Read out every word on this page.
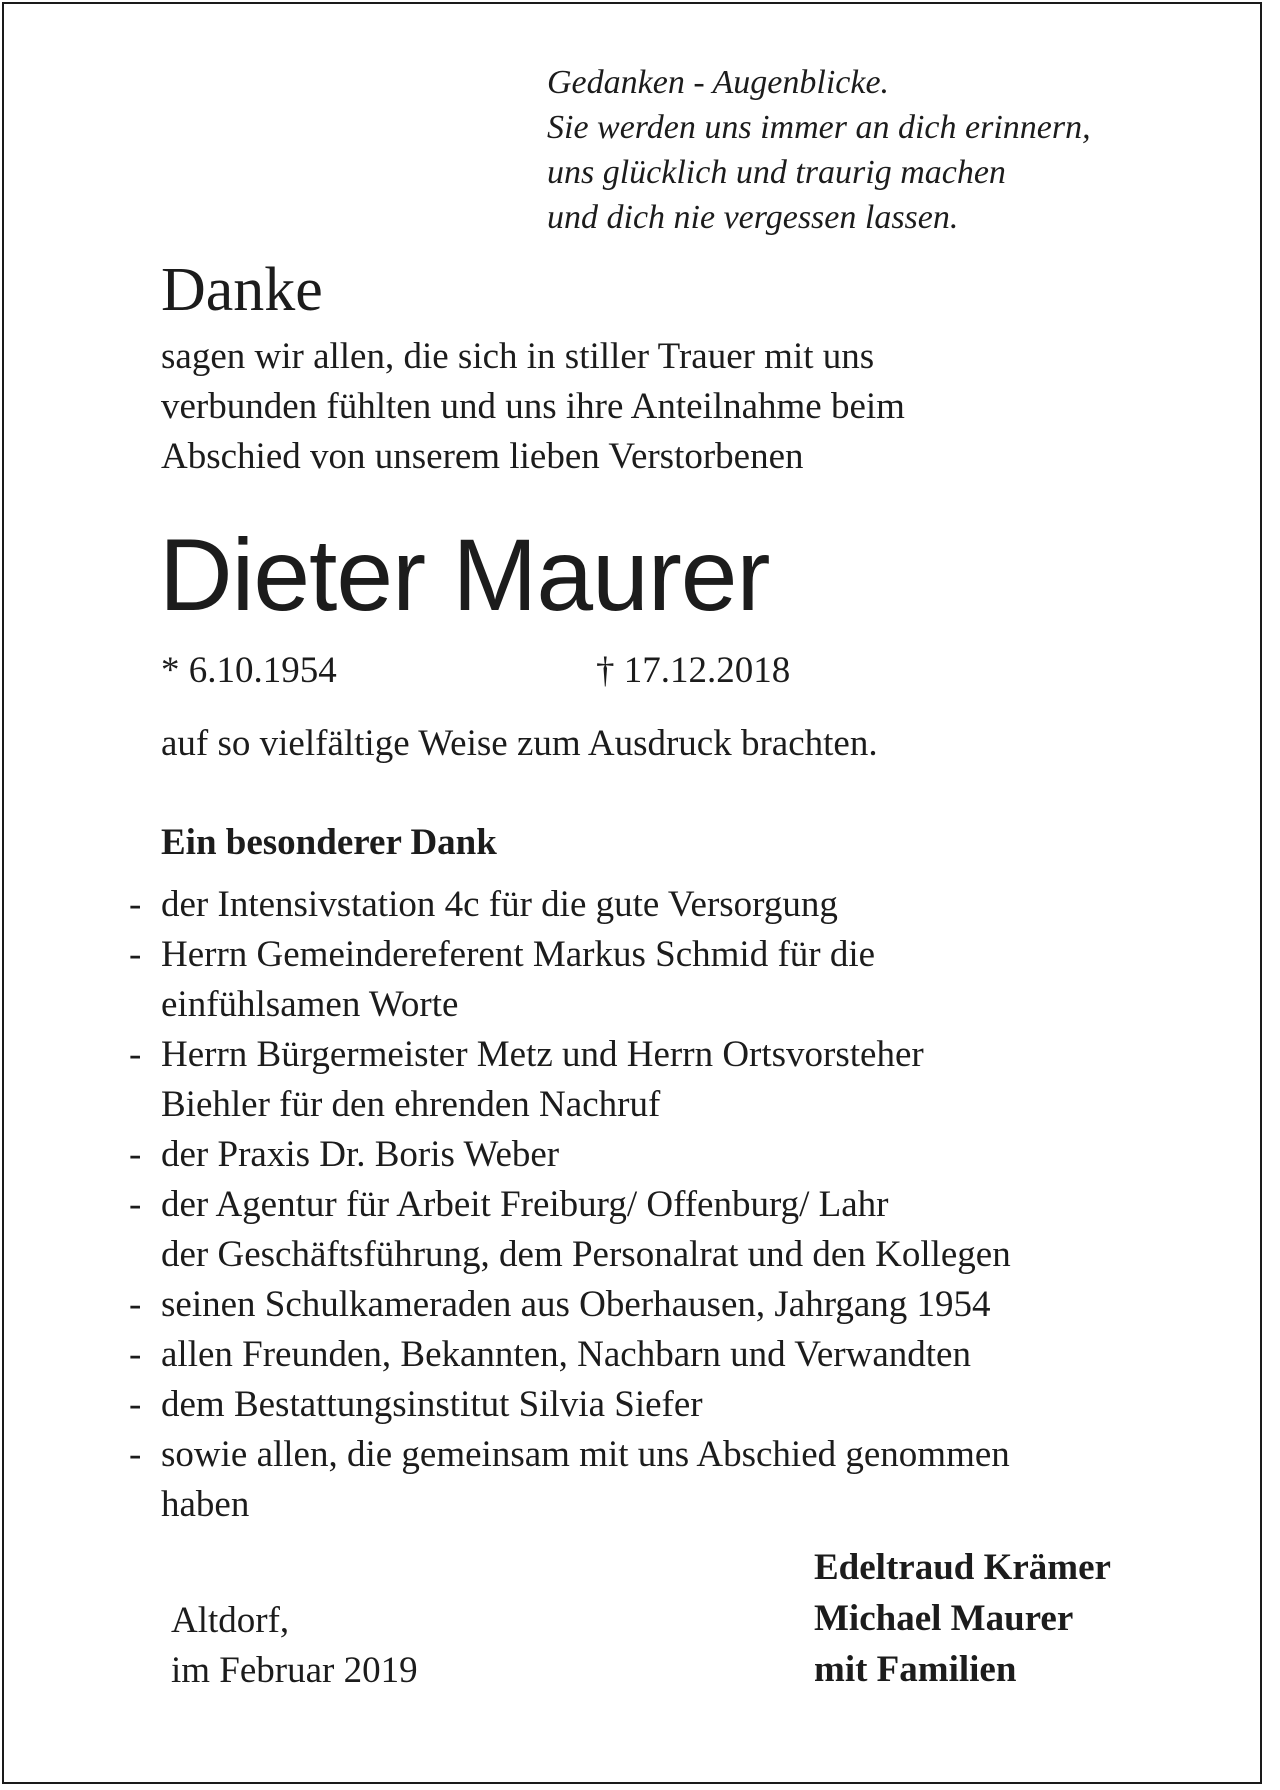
Gedanken - Augenblicke.
Sie werden uns immer an dich erinnern,
uns glücklich und traurig machen
und dich nie vergessen lassen.
Danke
sagen wir allen, die sich in stiller Trauer mit uns
verbunden fühlten und uns ihre Anteilnahme beim
Abschied von unserem lieben Verstorbenen
Dieter Maurer
* 6.10.1954	† 17.12.2018
auf so vielfältige Weise zum Ausdruck brachten.
Ein besonderer Dank
- der Intensivstation 4c für die gute Versorgung
- Herrn Gemeindereferent Markus Schmid für die
einfühlsamen Worte
- Herrn Bürgermeister Metz und Herrn Ortsvorsteher
Biehler für den ehrenden Nachruf
- der Praxis Dr. Boris Weber
- der Agentur für Arbeit Freiburg/ Offenburg/ Lahr
der Geschäftsführung, dem Personalrat und den Kollegen
- seinen Schulkameraden aus Oberhausen, Jahrgang 1954
- allen Freunden, Bekannten, Nachbarn und Verwandten
- dem Bestattungsinstitut Silvia Siefer
- sowie allen, die gemeinsam mit uns Abschied genommen
haben
Altdorf,
im Februar 2019
Edeltraud Krämer
Michael Maurer
mit Familien
